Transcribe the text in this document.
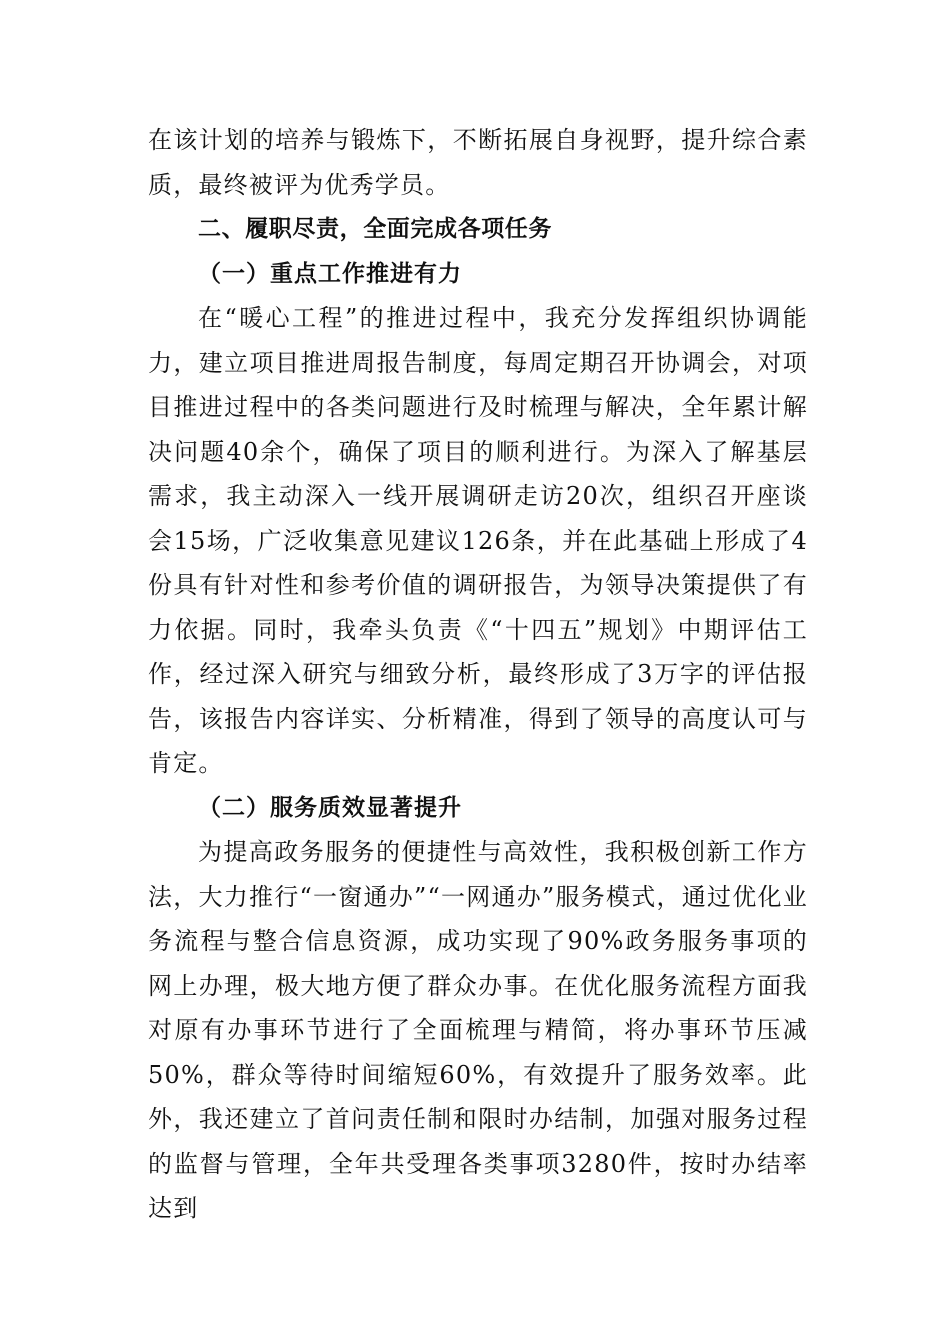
在该计划的培养与锻炼下，不断拓展自身视野，提升综合素质，最终被评为优秀学员。

二、履职尽责，全面完成各项任务

（一）重点工作推进有力

在“暖心工程”的推进过程中，我充分发挥组织协调能力，建立项目推进周报告制度，每周定期召开协调会，对项目推进过程中的各类问题进行及时梳理与解决，全年累计解决问题40余个，确保了项目的顺利进行。为深入了解基层需求，我主动深入一线开展调研走访20次，组织召开座谈会15场，广泛收集意见建议126条，并在此基础上形成了4份具有针对性和参考价值的调研报告，为领导决策提供了有力依据。同时，我牵头负责《“十四五”规划》中期评估工作，经过深入研究与细致分析，最终形成了3万字的评估报告，该报告内容详实、分析精准，得到了领导的高度认可与肯定。

（二）服务质效显著提升

为提高政务服务的便捷性与高效性，我积极创新工作方法，大力推行“一窗通办”“一网通办”服务模式，通过优化业务流程与整合信息资源，成功实现了90%政务服务事项的网上办理，极大地方便了群众办事。在优化服务流程方面我对原有办事环节进行了全面梳理与精简，将办事环节压减50%，群众等待时间缩短60%，有效提升了服务效率。此外，我还建立了首问责任制和限时办结制，加强对服务过程的监督与管理，全年共受理各类事项3280件，按时办结率达到
